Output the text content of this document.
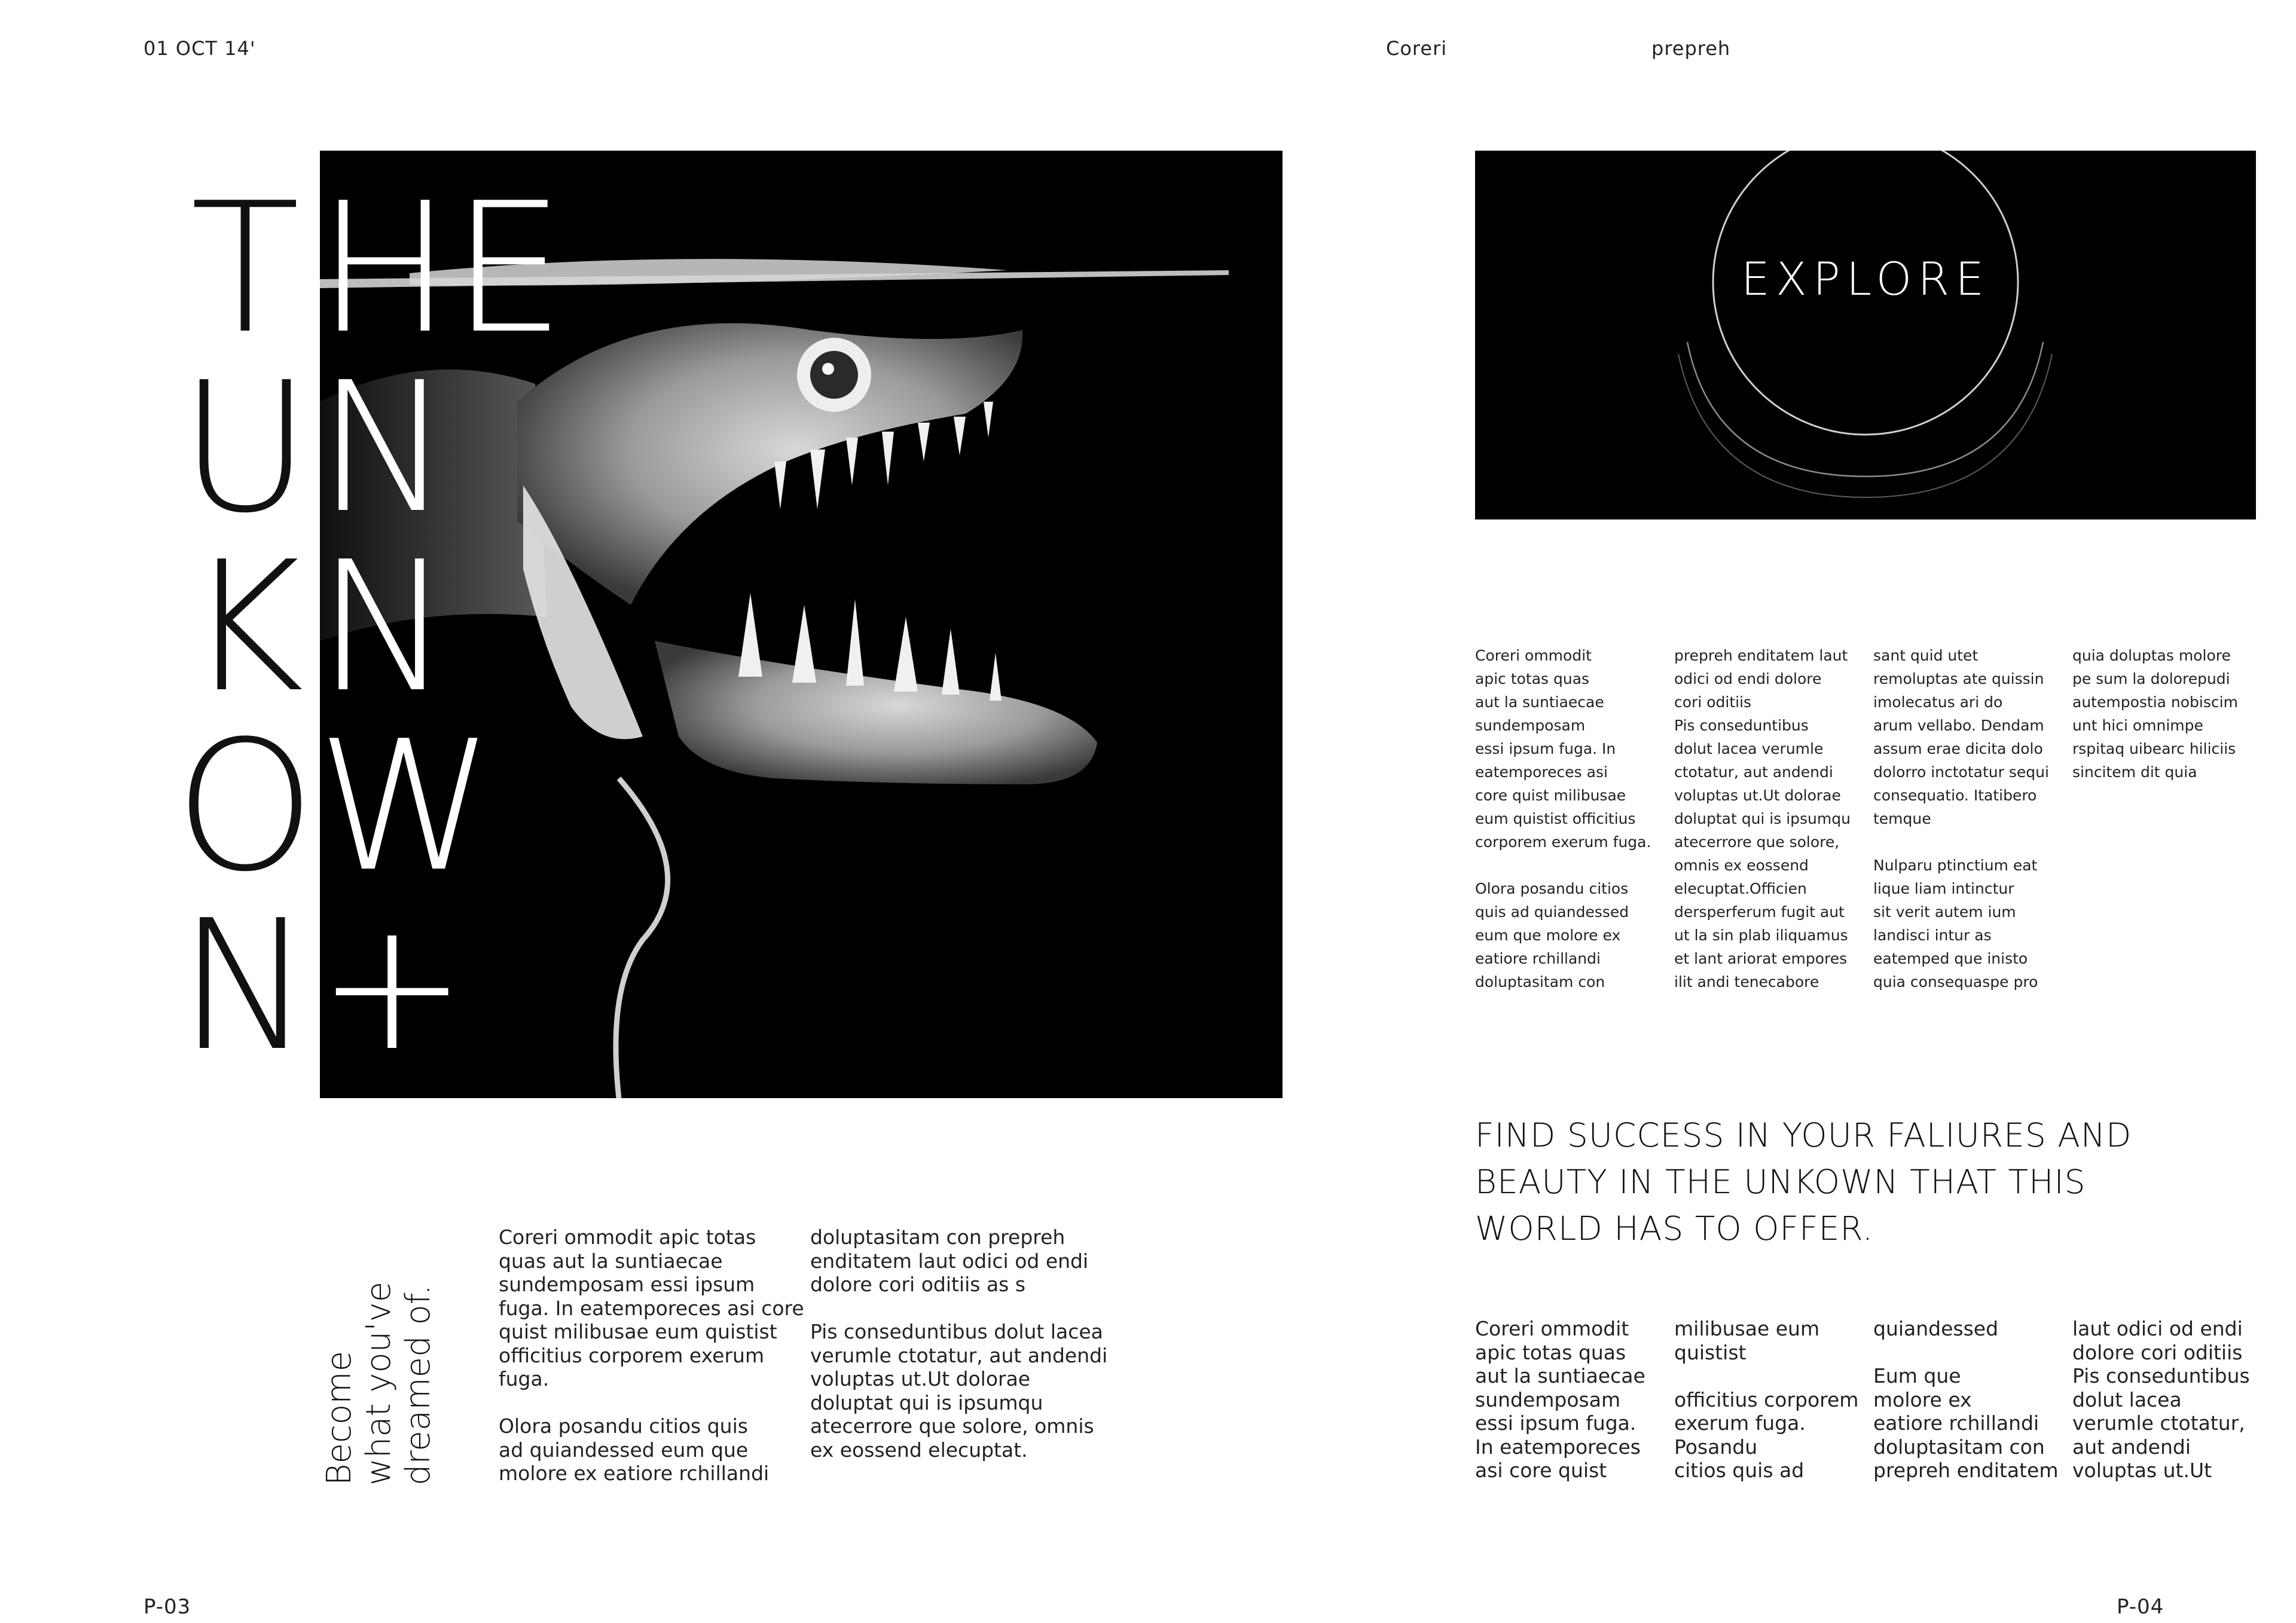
01 OCT 14'	Coreri	prepreh
T
U
K
O
N
HE
N
N
W
+
Become
what you've
dreamed of.
Coreri ommodit apic totas
quas aut la suntiaecae
sundemposam essi ipsum
fuga. In eatemporeces asi core
quist milibusae eum quistist
officitius corporem exerum
fuga.

Olora posandu citios quis
ad quiandessed eum que
molore ex eatiore rchillandi
doluptasitam con prepreh
enditatem laut odici od endi
dolore cori oditiis as s

Pis conseduntibus dolut lacea
verumle ctotatur, aut andendi
voluptas ut.Ut dolorae
doluptat qui is ipsumqu
atecerrore que solore, omnis
ex eossend elecuptat.
EXPLORE
Coreri ommodit
apic totas quas
aut la suntiaecae
sundemposam
essi ipsum fuga. In
eatemporeces asi
core quist milibusae
eum quistist officitius
corporem exerum fuga.

Olora posandu citios
quis ad quiandessed
eum que molore ex
eatiore rchillandi
doluptasitam con
prepreh enditatem laut
odici od endi dolore
cori oditiis
Pis conseduntibus
dolut lacea verumle
ctotatur, aut andendi
voluptas ut.Ut dolorae
doluptat qui is ipsumqu
atecerrore que solore,
omnis ex eossend
elecuptat.Officien
dersperferum fugit aut
ut la sin plab iliquamus
et lant ariorat empores
ilit andi tenecabore
sant quid utet
remoluptas ate quissin
imolecatus ari do
arum vellabo. Dendam
assum erae dicita dolo
dolorro inctotatur sequi
consequatio. Itatibero
temque

Nulparu ptinctium eat
lique liam intinctur
sit verit autem ium
landisci intur as
eatemped que inisto
quia consequaspe pro
quia doluptas molore
pe sum la dolorepudi
autempostia nobiscim
unt hici omnimpe
rspitaq uibearc hiliciis
sincitem dit quia
FIND SUCCESS IN YOUR FALIURES AND
BEAUTY IN THE UNKOWN THAT THIS
WORLD HAS TO OFFER.
Coreri ommodit
apic totas quas
aut la suntiaecae
sundemposam
essi ipsum fuga.
In eatemporeces
asi core quist
milibusae eum
quistist

officitius corporem
exerum fuga.
Posandu
citios quis ad
quiandessed

Eum que
molore ex
eatiore rchillandi
doluptasitam con
prepreh enditatem
laut odici od endi
dolore cori oditiis
Pis conseduntibus
dolut lacea
verumle ctotatur,
aut andendi
voluptas ut.Ut
P-03	P-04
